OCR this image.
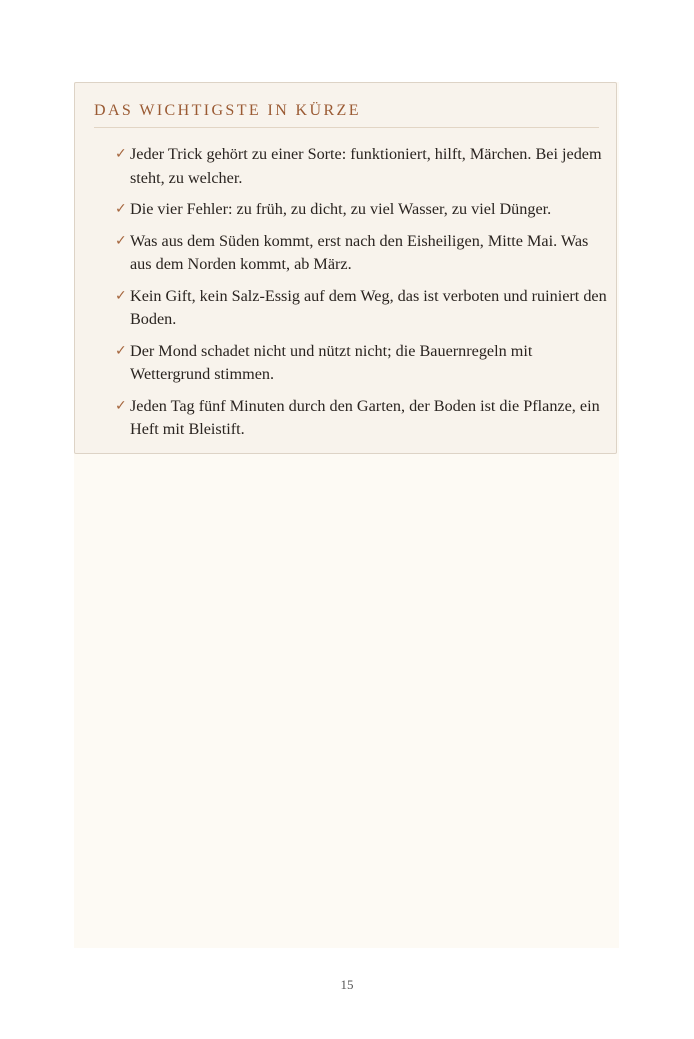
DAS WICHTIGSTE IN KÜRZE
✓ Jeder Trick gehört zu einer Sorte: funktioniert, hilft, Märchen. Bei jedem steht, zu welcher.
✓ Die vier Fehler: zu früh, zu dicht, zu viel Wasser, zu viel Dünger.
✓ Was aus dem Süden kommt, erst nach den Eisheiligen, Mitte Mai. Was aus dem Norden kommt, ab März.
✓ Kein Gift, kein Salz-Essig auf dem Weg, das ist verboten und ruiniert den Boden.
✓ Der Mond schadet nicht und nützt nicht; die Bauernregeln mit Wettergrund stimmen.
✓ Jeden Tag fünf Minuten durch den Garten, der Boden ist die Pflanze, ein Heft mit Bleistift.
15
